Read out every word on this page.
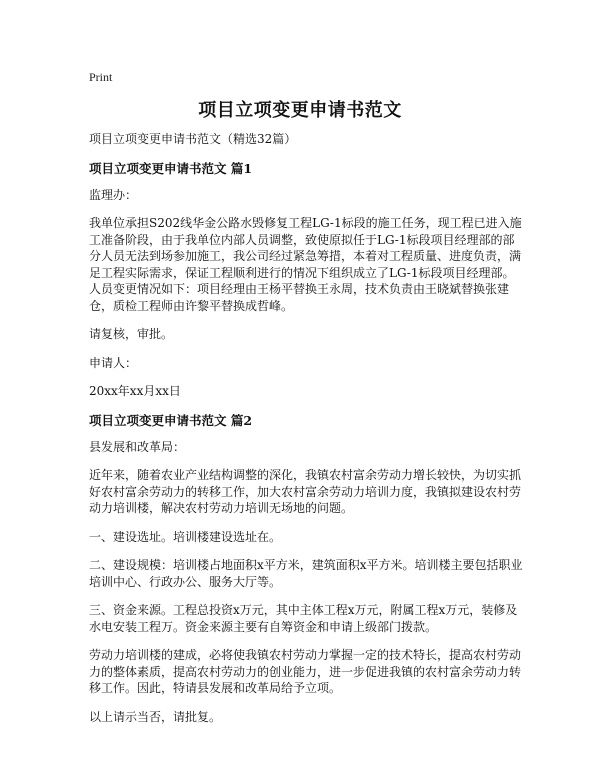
Print
项目立项变更申请书范文

项目立项变更申请书范文（精选32篇）

项目立项变更申请书范文 篇1

监理办：

我单位承担S202线华金公路水毁修复工程LG-1标段的施工任务，现工程已进入施工准备阶段，由于我单位内部人员调整，致使原拟任于LG-1标段项目经理部的部分人员无法到场参加施工，我公司经过紧急筹措，本着对工程质量、进度负责，满足工程实际需求，保证工程顺利进行的情况下组织成立了LG-1标段项目经理部。人员变更情况如下：项目经理由王杨平替换王永周，技术负责由王晓斌替换张建仓，质检工程师由许黎平替换成哲峰。

请复核，审批。

申请人：

20xx年xx月xx日

项目立项变更申请书范文 篇2

县发展和改革局：

近年来，随着农业产业结构调整的深化，我镇农村富余劳动力增长较快，为切实抓好农村富余劳动力的转移工作，加大农村富余劳动力培训力度，我镇拟建设农村劳动力培训楼，解决农村劳动力培训无场地的问题。

一、建设选址。培训楼建设选址在。

二、建设规模：培训楼占地面积x平方米，建筑面积x平方米。培训楼主要包括职业培训中心、行政办公、服务大厅等。

三、资金来源。工程总投资x万元，其中主体工程x万元，附属工程x万元，装修及水电安装工程万。资金来源主要有自筹资金和申请上级部门拨款。

劳动力培训楼的建成，必将使我镇农村劳动力掌握一定的技术特长，提高农村劳动力的整体素质，提高农村劳动力的创业能力，进一步促进我镇的农村富余劳动力转移工作。因此，特请县发展和改革局给予立项。

以上请示当否，请批复。
